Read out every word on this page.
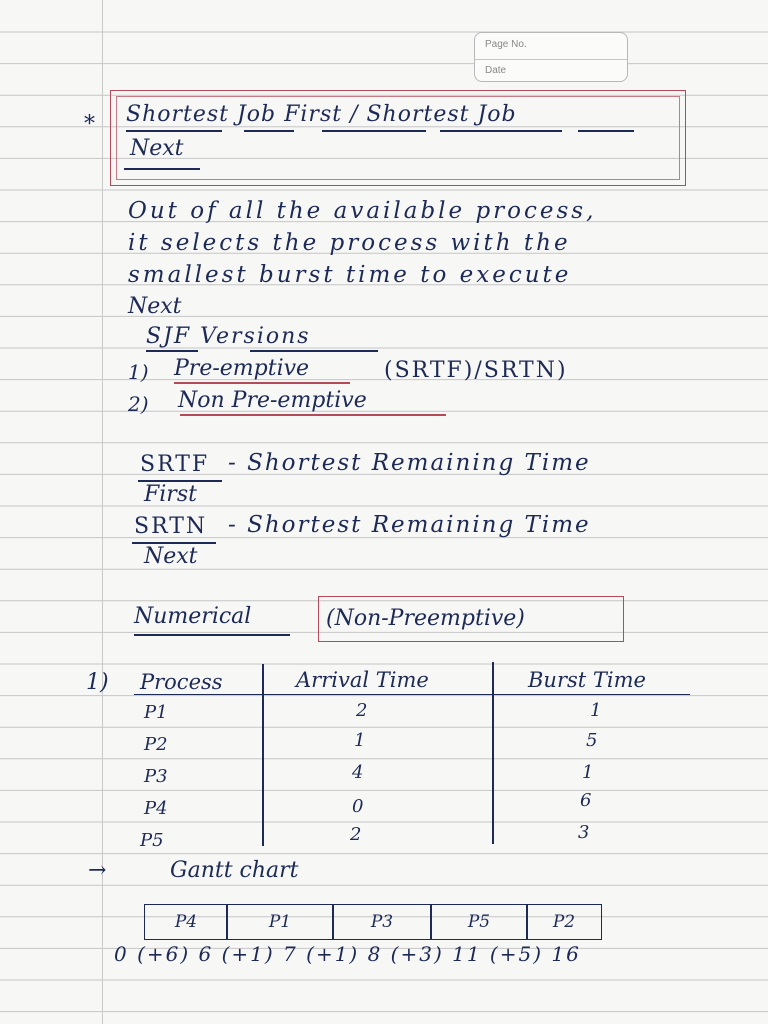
Page No.
Date
* Shortest Job First / Shortest Job
Next
Out of all the available process,
it selects the process with the
smallest burst time to execute
Next
SJF Versions
1) Pre-emptive	(SRTF)/SRTN)
2) Non Pre-emptive
SRTF - Shortest Remaining Time
First
SRTN - Shortest Remaining Time
Next
Numerical	(Non-Preemptive)
1) Process	Arrival Time	Burst Time
P1	2	1
P2	1	5
P3	4	1
P4	0	6
P5	2	3
→	Gantt chart
P4	P1	P3	P5	P2
0 (+6) 6 (+1) 7 (+1) 8 (+3) 11 (+5) 16
